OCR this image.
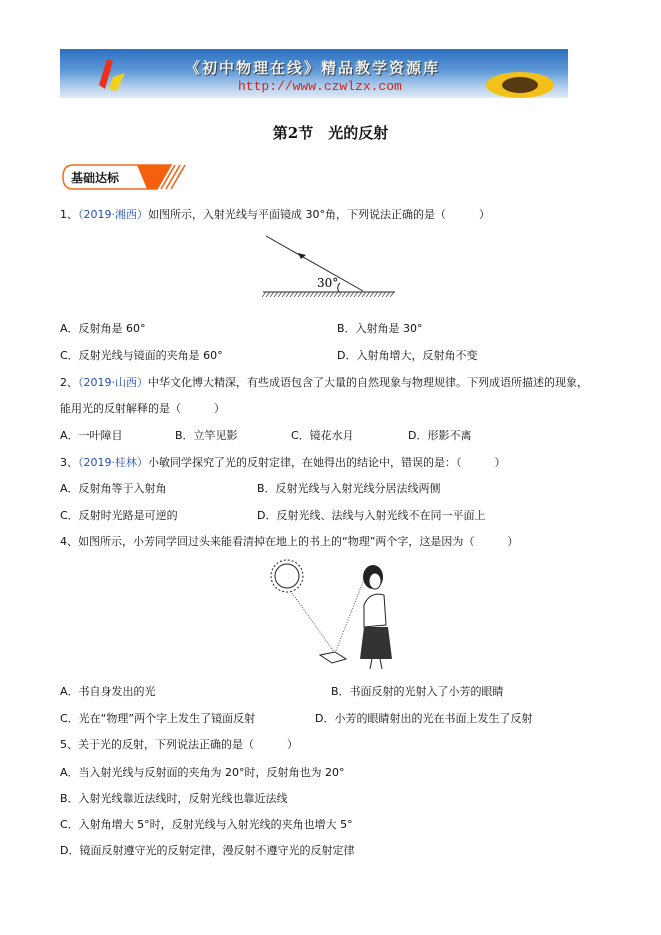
《初中物理在线》精品教学资源库
http://www.czwlzx.com
第2节　光的反射
基础达标
1、（2019·湘西）如图所示，入射光线与平面镜成 30°角，下列说法正确的是（　　　）
30°
A．反射角是 60°	B．入射角是 30°
C．反射光线与镜面的夹角是 60°	D．入射角增大，反射角不变
2、（2019·山西）中华文化博大精深，有些成语包含了大量的自然现象与物理规律。下列成语所描述的现象，
能用光的反射解释的是（　　　）
A．一叶障目	B．立竿见影	C．镜花水月	D．形影不离
3、（2019·桂林）小敏同学探究了光的反射定律，在她得出的结论中，错误的是：（　　　）
A．反射角等于入射角	B．反射光线与入射光线分居法线两侧
C．反射时光路是可逆的	D．反射光线、法线与入射光线不在同一平面上
4、如图所示，小芳同学回过头来能看清掉在地上的书上的“物理”两个字，这是因为（　　　）
A．书自身发出的光	B．书面反射的光射入了小芳的眼睛
C．光在“物理”两个字上发生了镜面反射	D．小芳的眼睛射出的光在书面上发生了反射
5、关于光的反射，下列说法正确的是（　　　）
A．当入射光线与反射面的夹角为 20°时，反射角也为 20°
B．入射光线靠近法线时，反射光线也靠近法线
C．入射角增大 5°时，反射光线与入射光线的夹角也增大 5°
D．镜面反射遵守光的反射定律，漫反射不遵守光的反射定律
